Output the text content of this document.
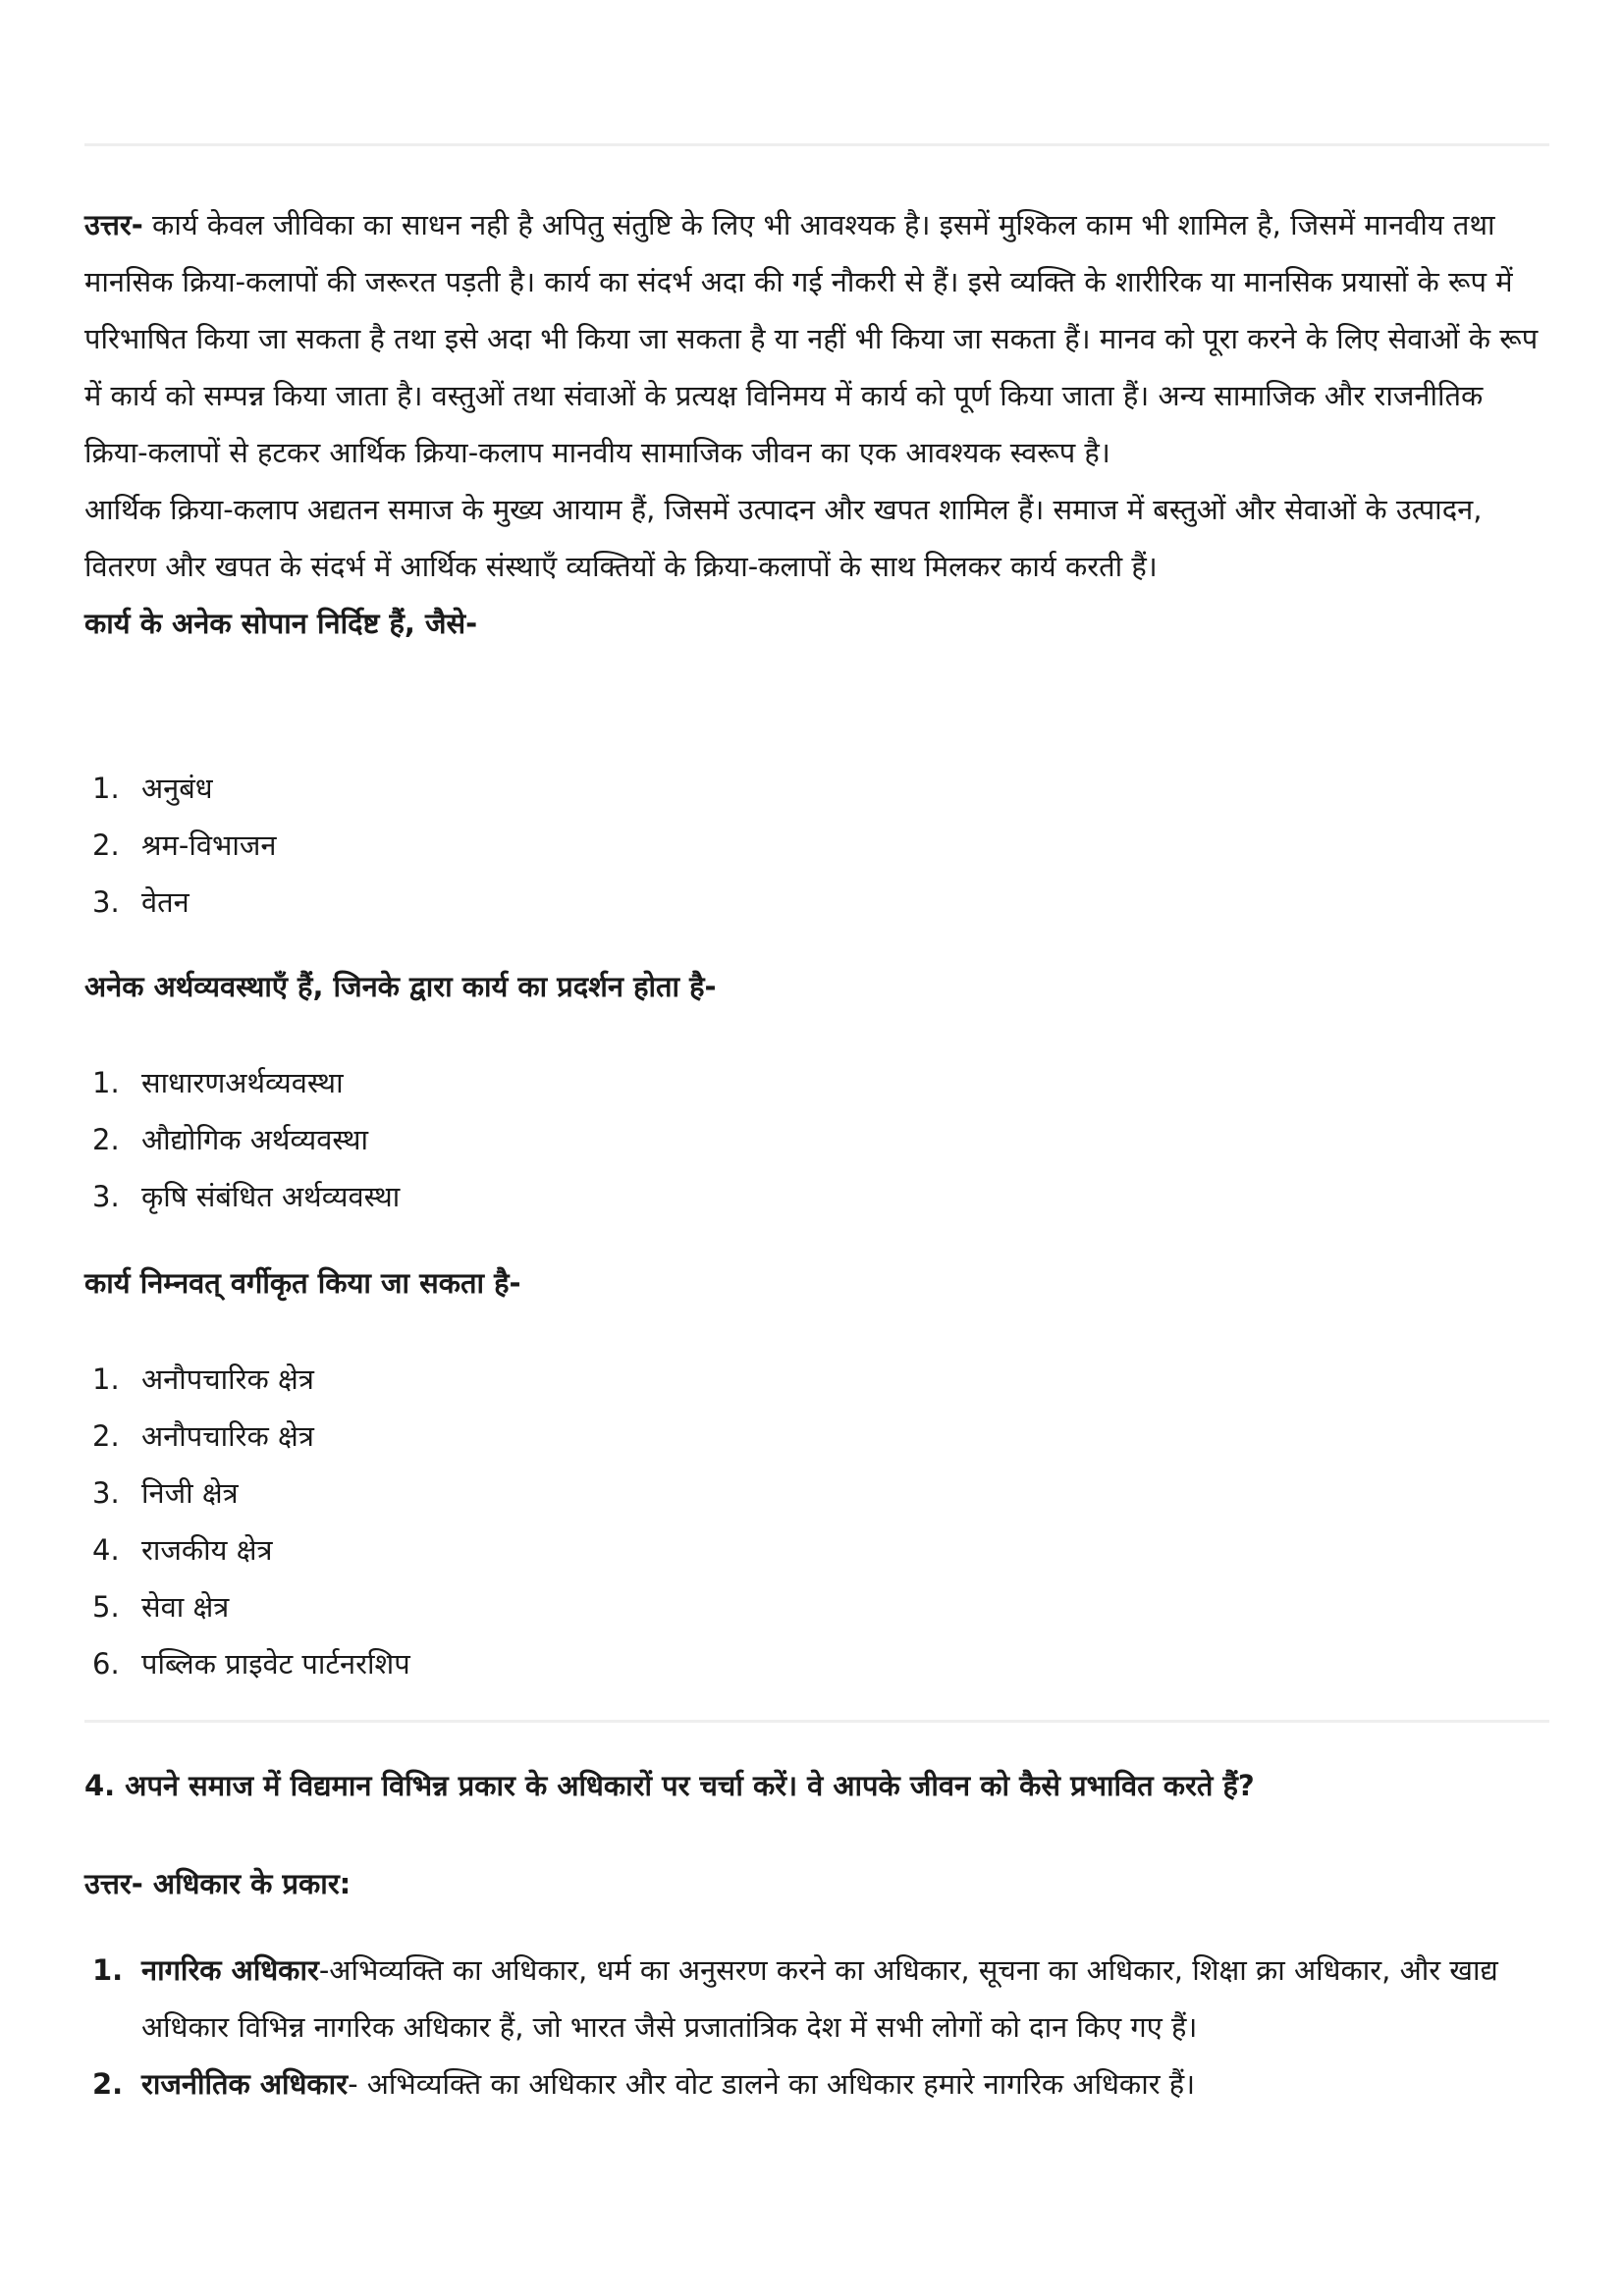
उत्तर- कार्य केवल जीविका का साधन नही है अपितु संतुष्टि के लिए भी आवश्यक है। इसमें मुश्किल काम भी शामिल है, जिसमें मानवीय तथा मानसिक क्रिया-कलापों की जरूरत पड़ती है। कार्य का संदर्भ अदा की गई नौकरी से हैं। इसे व्यक्ति के शारीरिक या मानसिक प्रयासों के रूप में परिभाषित किया जा सकता है तथा इसे अदा भी किया जा सकता है या नहीं भी किया जा सकता हैं। मानव को पूरा करने के लिए सेवाओं के रूप में कार्य को सम्पन्न किया जाता है। वस्तुओं तथा संवाओं के प्रत्यक्ष विनिमय में कार्य को पूर्ण किया जाता हैं। अन्य सामाजिक और राजनीतिक क्रिया-कलापों से हटकर आर्थिक क्रिया-कलाप मानवीय सामाजिक जीवन का एक आवश्यक स्वरूप है।

आर्थिक क्रिया-कलाप अद्यतन समाज के मुख्य आयाम हैं, जिसमें उत्पादन और खपत शामिल हैं। समाज में बस्तुओं और सेवाओं के उत्पादन, वितरण और खपत के संदर्भ में आर्थिक संस्थाएँ व्यक्तियों के क्रिया-कलापों के साथ मिलकर कार्य करती हैं।

कार्य के अनेक सोपान निर्दिष्ट हैं, जैसे-

1. अनुबंध
2. श्रम-विभाजन
3. वेतन

अनेक अर्थव्यवस्थाएँ हैं, जिनके द्वारा कार्य का प्रदर्शन होता है-

1. साधारणअर्थव्यवस्था
2. औद्योगिक अर्थव्यवस्था
3. कृषि संबंधित अर्थव्यवस्था

कार्य निम्नवत् वर्गीकृत किया जा सकता है-

1. अनौपचारिक क्षेत्र
2. अनौपचारिक क्षेत्र
3. निजी क्षेत्र
4. राजकीय क्षेत्र
5. सेवा क्षेत्र
6. पब्लिक प्राइवेट पार्टनरशिप

4. अपने समाज में विद्यमान विभिन्न प्रकार के अधिकारों पर चर्चा करें। वे आपके जीवन को कैसे प्रभावित करते हैं?

उत्तर- अधिकार के प्रकार:

1. नागरिक अधिकार-अभिव्यक्ति का अधिकार, धर्म का अनुसरण करने का अधिकार, सूचना का अधिकार, शिक्षा क्रा अधिकार, और खाद्य अधिकार विभिन्न नागरिक अधिकार हैं, जो भारत जैसे प्रजातांत्रिक देश में सभी लोगों को दान किए गए हैं।
2. राजनीतिक अधिकार- अभिव्यक्ति का अधिकार और वोट डालने का अधिकार हमारे नागरिक अधिकार हैं।
